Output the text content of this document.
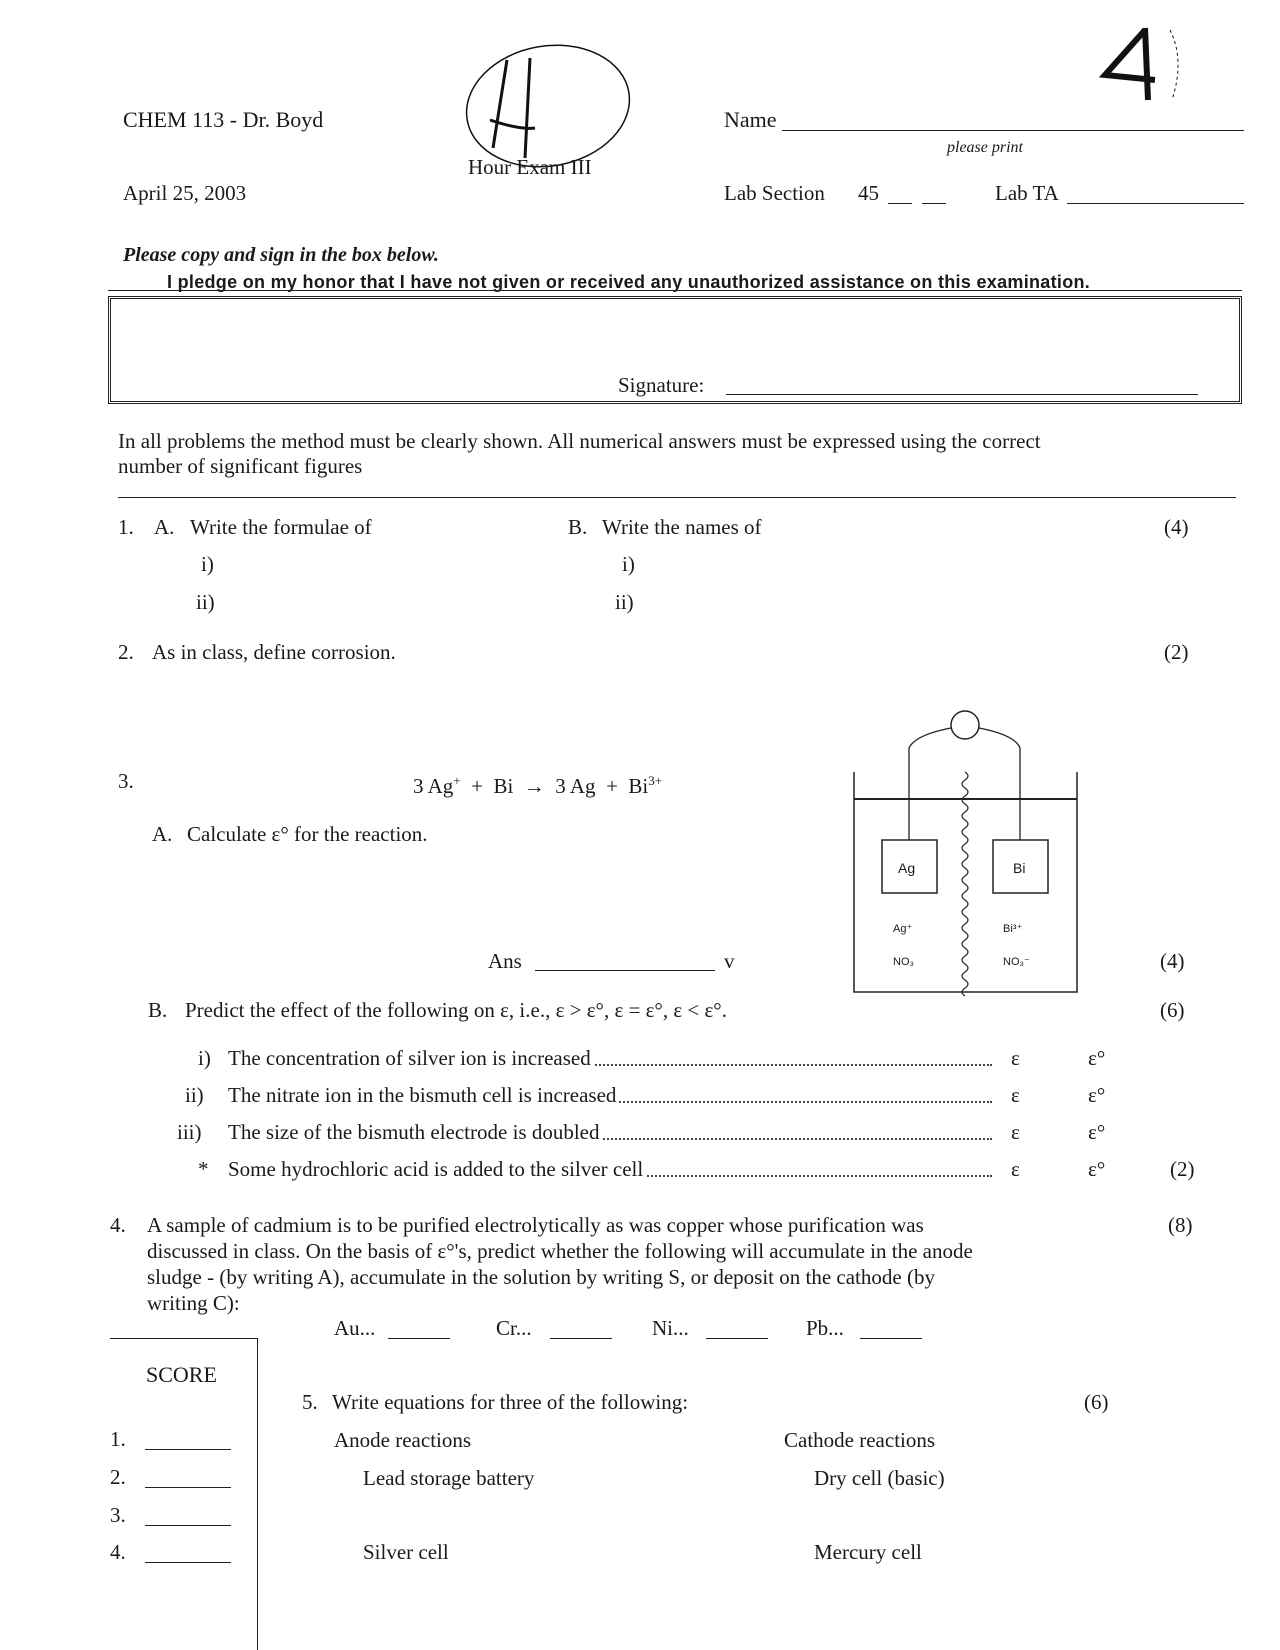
CHEM 113 - Dr. Boyd
April 25, 2003
Hour Exam III
Name
please print
Lab Section 45	Lab TA
Please copy and sign in the box below.
I pledge on my honor that I have not given or received any unauthorized assistance on this examination.
Signature:
In all problems the method must be clearly shown. All numerical answers must be expressed using the correct
number of significant figures
1. A. Write the formulae of	B. Write the names of	(4)
i)
ii)
i)
ii)
2. As in class, define corrosion.	(2)
3.	3 Ag+ + Bi → 3 $Ag + Bi^{3+}$
A. Calculate ε° for the reaction.
Ans	v	(4)
Ag	Bi
Ag⁺
NO₃
Bi³⁺
NO₃⁻
B. Predict the effect of the following on ε, i.e., ε > ε°, ε = ε°, ε < ε°.	(6)
i) The concentration of silver ion is increased	ε	ε°
ii) The nitrate ion in the bismuth cell is increased	ε	ε°
iii) The size of the bismuth electrode is doubled	ε	ε°
* Some hydrochloric acid is added to the silver cell	ε	ε°	(2)
4. A sample of cadmium is to be purified electrolytically as was copper whose purification was
discussed in class. On the basis of ε°'s, predict whether the following will accumulate in the anode
sludge - (by writing A), accumulate in the solution by writing S, or deposit on the cathode (by
writing C):
(8)
Au...	Cr...	Ni...	Pb...
SCORE
1.
2.
3.
4.
5. Write equations for three of the following:	(6)
Anode reactions	Cathode reactions
Lead storage battery	Dry cell (basic)
Silver cell	Mercury cell
